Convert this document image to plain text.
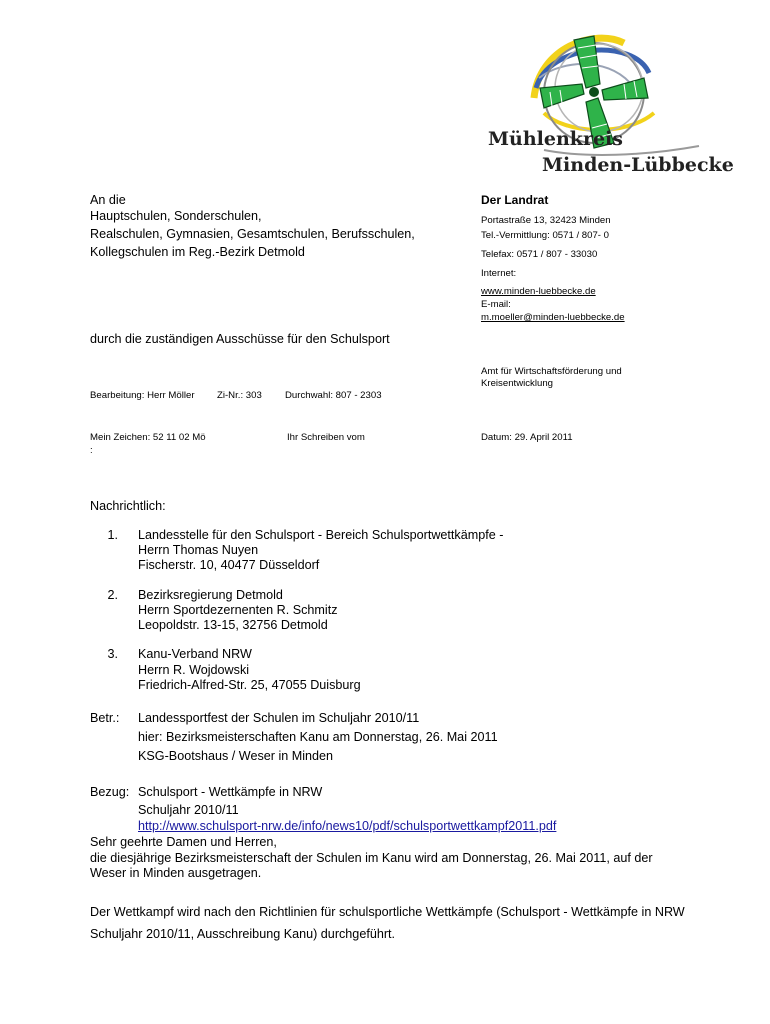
Mühlenkreis
Minden-Lübbecke
An die
Hauptschulen, Sonderschulen,
Realschulen, Gymnasien, Gesamtschulen, Berufsschulen,
Kollegschulen im Reg.-Bezirk Detmold
durch die zuständigen Ausschüsse für den Schulsport
Der Landrat
Portastraße 13, 32423 Minden
Tel.-Vermittlung: 0571 / 807- 0
Telefax: 0571 / 807 - 33030
Internet:
www.minden-luebbecke.de
E-mail:
m.moeller@minden-luebbecke.de
Amt für Wirtschaftsförderung und
Kreisentwicklung
Bearbeitung: Herr Möller Zi-Nr.: 303 Durchwahl: 807 - 2303
Mein Zeichen: 52 11 02 Mö
:
Ihr Schreiben vom	Datum: 29. April 2011
Nachrichtlich:
1. Landesstelle für den Schulsport - Bereich Schulsportwettkämpfe -
Herrn Thomas Nuyen
Fischerstr. 10, 40477 Düsseldorf
2. Bezirksregierung Detmold
Herrn Sportdezernenten R. Schmitz
Leopoldstr. 13-15, 32756 Detmold
3. Kanu-Verband NRW
Herrn R. Wojdowski
Friedrich-Alfred-Str. 25, 47055 Duisburg
Betr.: Landessportfest der Schulen im Schuljahr 2010/11
hier: Bezirksmeisterschaften Kanu am Donnerstag, 26. Mai 2011
KSG-Bootshaus / Weser in Minden
Bezug: Schulsport - Wettkämpfe in NRW
Schuljahr 2010/11
http://www.schulsport-nrw.de/info/news10/pdf/schulsportwettkampf2011.pdf
Sehr geehrte Damen und Herren,
die diesjährige Bezirksmeisterschaft der Schulen im Kanu wird am Donnerstag, 26. Mai 2011, auf der
Weser in Minden ausgetragen.
Der Wettkampf wird nach den Richtlinien für schulsportliche Wettkämpfe (Schulsport - Wettkämpfe in NRW
Schuljahr 2010/11, Ausschreibung Kanu) durchgeführt.
